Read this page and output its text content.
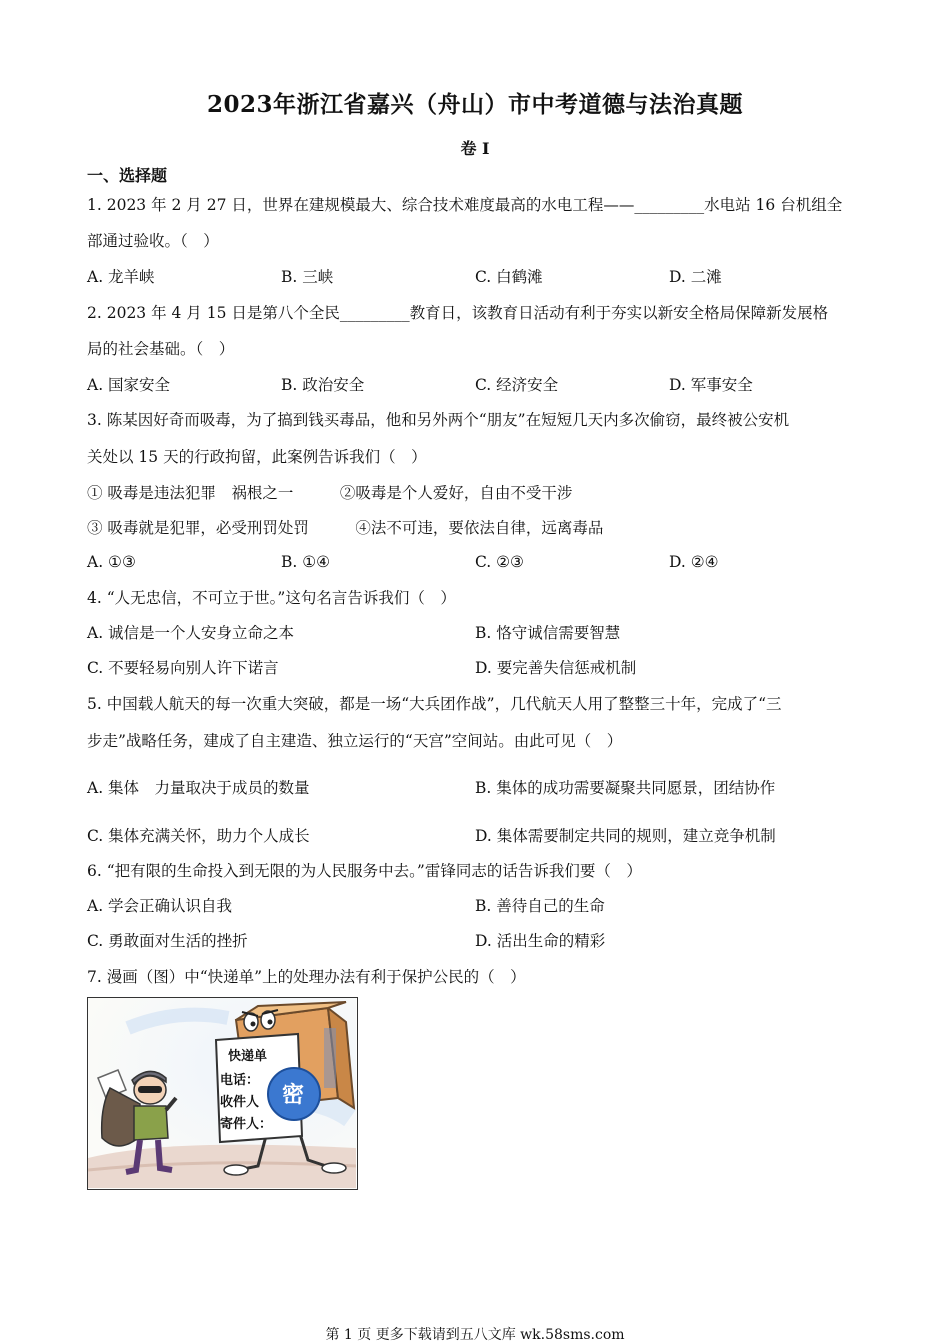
2023年浙江省嘉兴（舟山）市中考道德与法治真题
卷 I
一、选择题
1. 2023 年 2 月 27 日，世界在建规模最大、综合技术难度最高的水电工程——_________水电站 16 台机组全
部通过验收。（　）
A. 龙羊峡	B. 三峡	C. 白鹤滩	D. 二滩
2. 2023 年 4 月 15 日是第八个全民_________教育日，该教育日活动有利于夯实以新安全格局保障新发展格
局的社会基础。（　）
A. 国家安全	B. 政治安全	C. 经济安全	D. 军事安全
3. 陈某因好奇而吸毒，为了搞到钱买毒品，他和另外两个“朋友”在短短几天内多次偷窃，最终被公安机
关处以 15 天的行政拘留，此案例告诉我们（　）
① 吸毒是违法犯罪　祸根之一　　　②吸毒是个人爱好，自由不受干涉
③ 吸毒就是犯罪，必受刑罚处罚　　　④法不可违，要依法自律，远离毒品
A. ①③	B. ①④	C. ②③	D. ②④
4. “人无忠信，不可立于世。”这句名言告诉我们（　）
A. 诚信是一个人安身立命之本	B. 恪守诚信需要智慧
C. 不要轻易向别人许下诺言	D. 要完善失信惩戒机制
5. 中国载人航天的每一次重大突破，都是一场“大兵团作战”，几代航天人用了整整三十年，完成了“三
步走”战略任务，建成了自主建造、独立运行的“天宫”空间站。由此可见（　）
A. 集体　力量取决于成员的数量	B. 集体的成功需要凝聚共同愿景，团结协作
C. 集体充满关怀，助力个人成长	D. 集体需要制定共同的规则，建立竞争机制
6. “把有限的生命投入到无限的为人民服务中去。”雷锋同志的话告诉我们要（　）
A. 学会正确认识自我	B. 善待自己的生命
C. 勇敢面对生活的挫折	D. 活出生命的精彩
7. 漫画（图）中“快递单”上的处理办法有利于保护公民的（　）
快递单
电话：
收件人
寄件人：
密
第 1 页 更多下载请到五八文库 wk.58sms.com
